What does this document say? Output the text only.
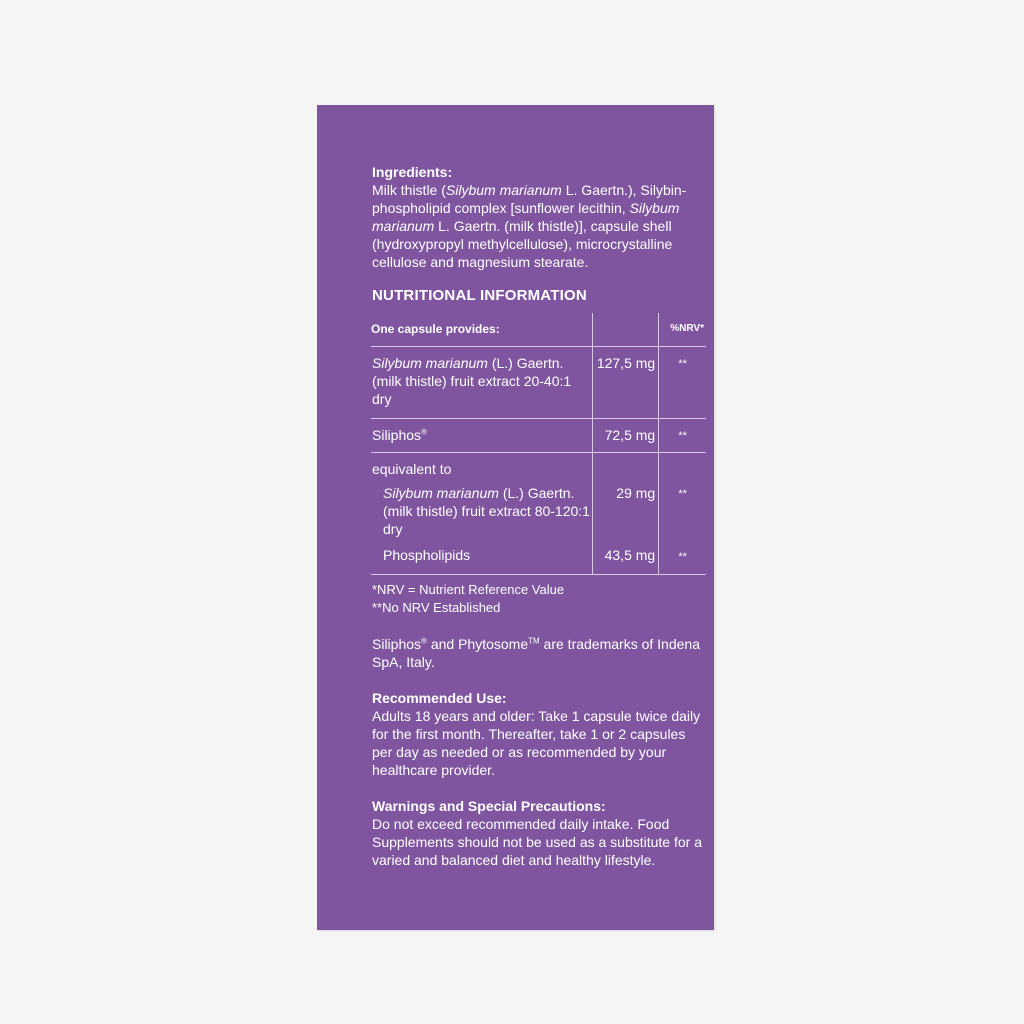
Ingredients:

Milk thistle (Silybum marianum L. Gaertn.), Silybin-phospholipid complex [sunflower lecithin, Silybum marianum L. Gaertn. (milk thistle)], capsule shell (hydroxypropyl methylcellulose), microcrystalline cellulose and magnesium stearate.

NUTRITIONAL INFORMATION
One capsule provides:		%NRV*
Silybum marianum (L.) Gaertn. (milk thistle) fruit extract 20-40:1 dry	127,5 mg	**
Siliphos®	72,5 mg	**
equivalent to		
Silybum marianum (L.) Gaertn. (milk thistle) fruit extract 80-120:1 dry	29 mg	**
Phospholipids	43,5 mg	**

*NRV = Nutrient Reference Value

**No NRV Established

Siliphos® and Phytosome™ are trademarks of Indena SpA, Italy.

Recommended Use:

Adults 18 years and older: Take 1 capsule twice daily for the first month. Thereafter, take 1 or 2 capsules per day as needed or as recommended by your healthcare provider.

Warnings and Special Precautions:

Do not exceed recommended daily intake. Food Supplements should not be used as a substitute for a varied and balanced diet and healthy lifestyle.
